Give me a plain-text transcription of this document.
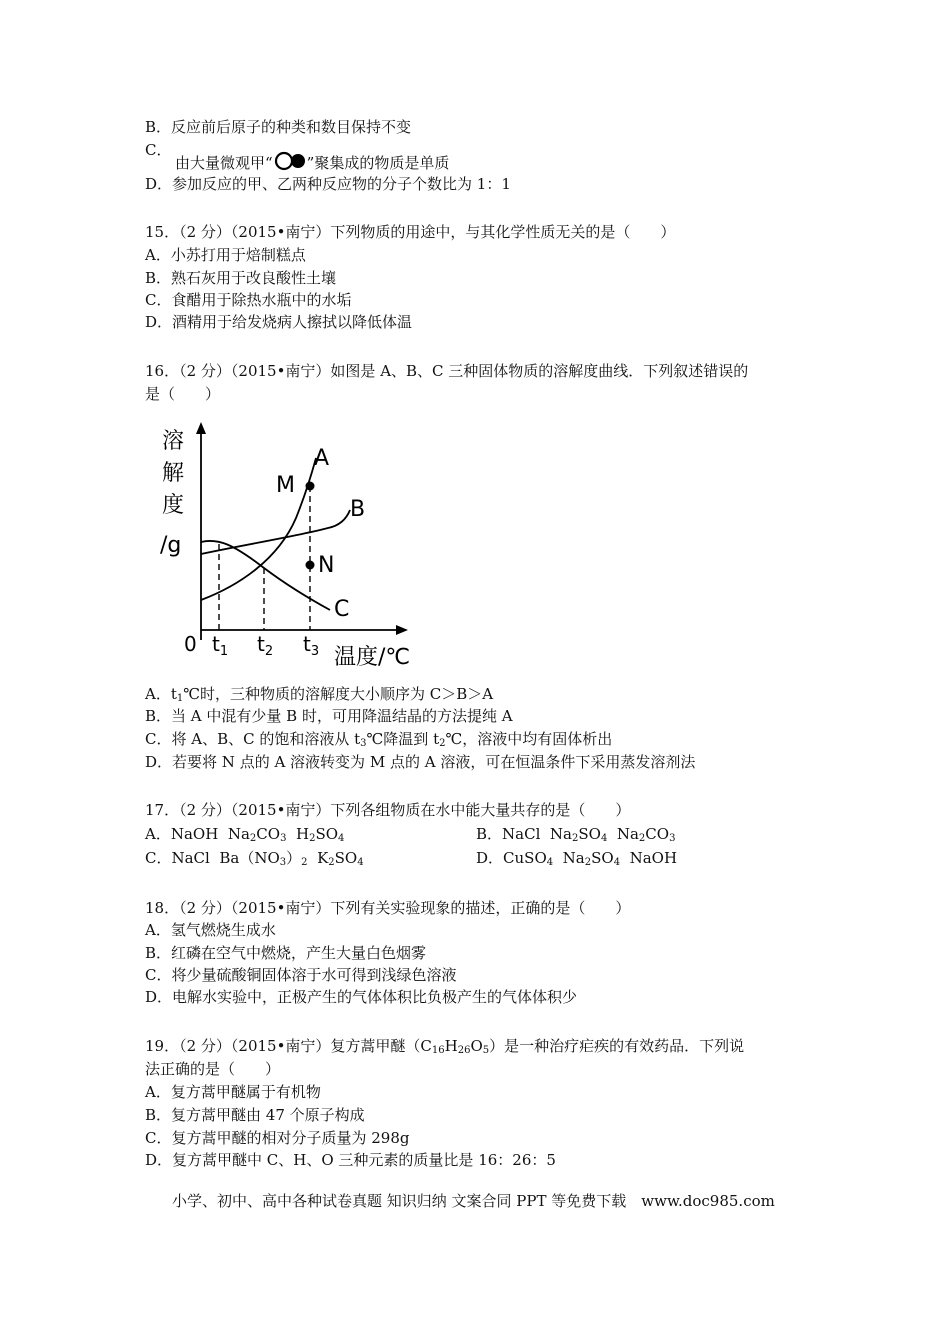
B．反应前后原子的种类和数目保持不变
C．
由大量微观甲“ ”聚集成的物质是单质
D．参加反应的甲、乙两种反应物的分子个数比为 1：1
15．（2 分）（2015•南宁）下列物质的用途中，与其化学性质无关的是（　　）
A．小苏打用于焙制糕点
B．熟石灰用于改良酸性土壤
C．食醋用于除热水瓶中的水垢
D．酒精用于给发烧病人擦拭以降低体温
16．（2 分）（2015•南宁）如图是 A、B、C 三种固体物质的溶解度曲线．下列叙述错误的
是（　　）
溶
解
度
/g
A
B
C
M
N
0 $t_1$ $t_2$ $t_3$ 温度/℃
A．$t_1℃$时，三种物质的溶解度大小顺序为 C＞B＞A
B．当 A 中混有少量 B 时，可用降温结晶的方法提纯 A
C．将 A、B、C 的饱和溶液从 $t_3℃$降温到 $t_2℃$，溶液中均有固体析出
D．若要将 N 点的 A 溶液转变为 M 点的 A 溶液，可在恒温条件下采用蒸发溶剂法
17．（2 分）（2015•南宁）下列各组物质在水中能大量共存的是（　　）
A．NaOH  $Na_2CO_3$  $H_2SO_4$	B．NaCl  $Na_2SO_4$  $Na_2CO_3$
C．NaCl  $Ba(NO_3)_2$  $K_2SO_4$	D．CuSO$_4$  $Na_2SO_4$  NaOH
18．（2 分）（2015•南宁）下列有关实验现象的描述，正确的是（　　）
A．氢气燃烧生成水
B．红磷在空气中燃烧，产生大量白色烟雾
C．将少量硫酸铜固体溶于水可得到浅绿色溶液
D．电解水实验中，正极产生的气体体积比负极产生的气体体积少
19．（2 分）（2015•南宁）复方蒿甲醚$(C_{16}H_{26}O_5)$是一种治疗疟疾的有效药品．下列说
法正确的是（　　）
A．复方蒿甲醚属于有机物
B．复方蒿甲醚由 47 个原子构成
C．复方蒿甲醚的相对分子质量为 298g
D．复方蒿甲醚中 C、H、O 三种元素的质量比是 16：26：5
小学、初中、高中各种试卷真题 知识归纳 文案合同 PPT 等免费下载　www.doc985.com
